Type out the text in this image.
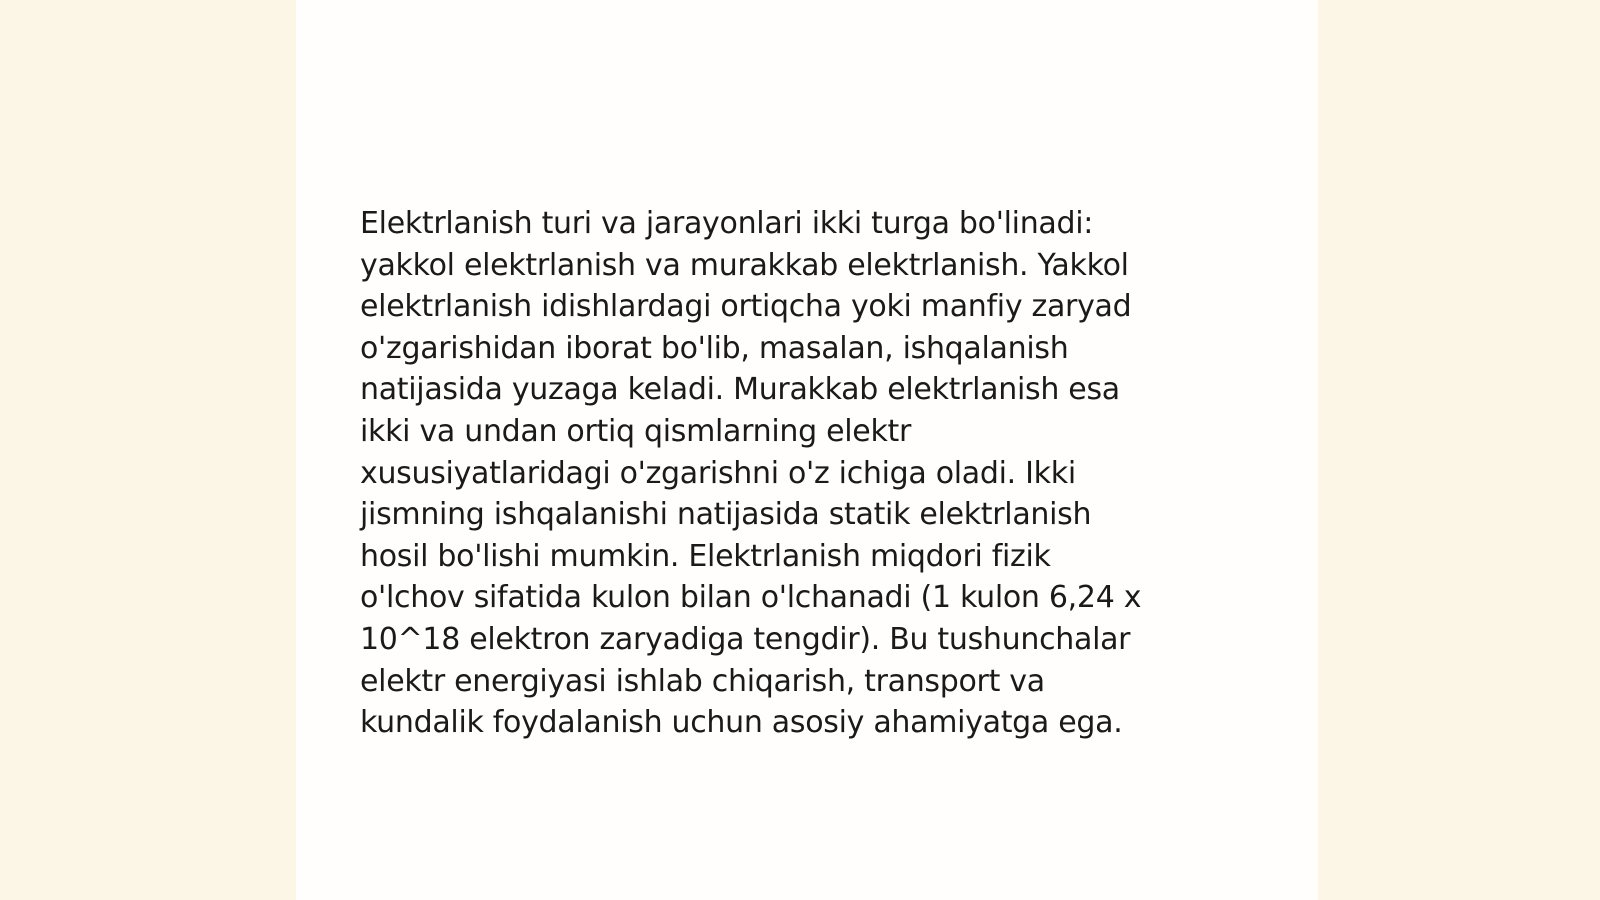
Elektrlanish turi va jarayonlari ikki turga bo'linadi:
yakkol elektrlanish va murakkab elektrlanish. Yakkol
elektrlanish idishlardagi ortiqcha yoki manfiy zaryad
o'zgarishidan iborat bo'lib, masalan, ishqalanish
natijasida yuzaga keladi. Murakkab elektrlanish esa
ikki va undan ortiq qismlarning elektr
xususiyatlaridagi o'zgarishni o'z ichiga oladi. Ikki
jismning ishqalanishi natijasida statik elektrlanish
hosil bo'lishi mumkin. Elektrlanish miqdori fizik
o'lchov sifatida kulon bilan o'lchanadi (1 kulon 6,24 x
10^18 elektron zaryadiga tengdir). Bu tushunchalar
elektr energiyasi ishlab chiqarish, transport va
kundalik foydalanish uchun asosiy ahamiyatga ega.
